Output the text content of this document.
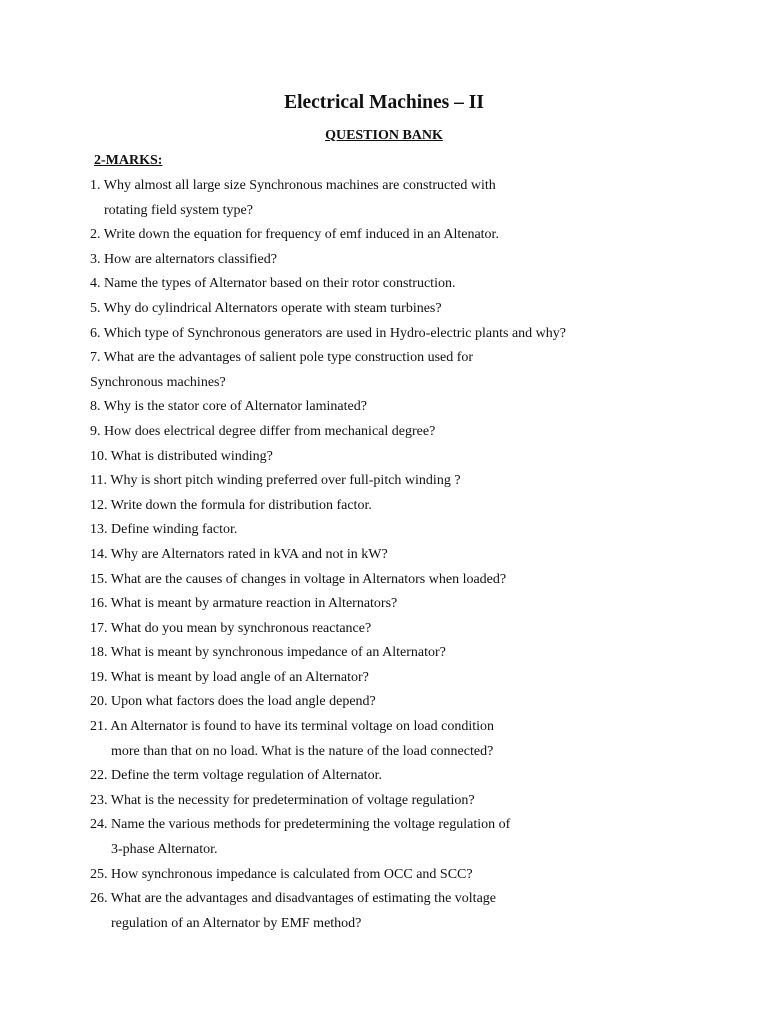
Electrical Machines – II
QUESTION BANK
2-MARKS:
1. Why almost all large size Synchronous machines are constructed with
rotating field system type?
2. Write down the equation for frequency of emf induced in an Altenator.
3. How are alternators classified?
4. Name the types of Alternator based on their rotor construction.
5. Why do cylindrical Alternators operate with steam turbines?
6. Which type of Synchronous generators are used in Hydro-electric plants and why?
7. What are the advantages of salient pole type construction used for
Synchronous machines?
8. Why is the stator core of Alternator laminated?
9. How does electrical degree differ from mechanical degree?
10. What is distributed winding?
11. Why is short pitch winding preferred over full-pitch winding ?
12. Write down the formula for distribution factor.
13. Define winding factor.
14. Why are Alternators rated in kVA and not in kW?
15. What are the causes of changes in voltage in Alternators when loaded?
16. What is meant by armature reaction in Alternators?
17. What do you mean by synchronous reactance?
18. What is meant by synchronous impedance of an Alternator?
19. What is meant by load angle of an Alternator?
20. Upon what factors does the load angle depend?
21. An Alternator is found to have its terminal voltage on load condition
more than that on no load. What is the nature of the load connected?
22. Define the term voltage regulation of Alternator.
23. What is the necessity for predetermination of voltage regulation?
24. Name the various methods for predetermining the voltage regulation of
3-phase Alternator.
25. How synchronous impedance is calculated from OCC and SCC?
26. What are the advantages and disadvantages of estimating the voltage
regulation of an Alternator by EMF method?
